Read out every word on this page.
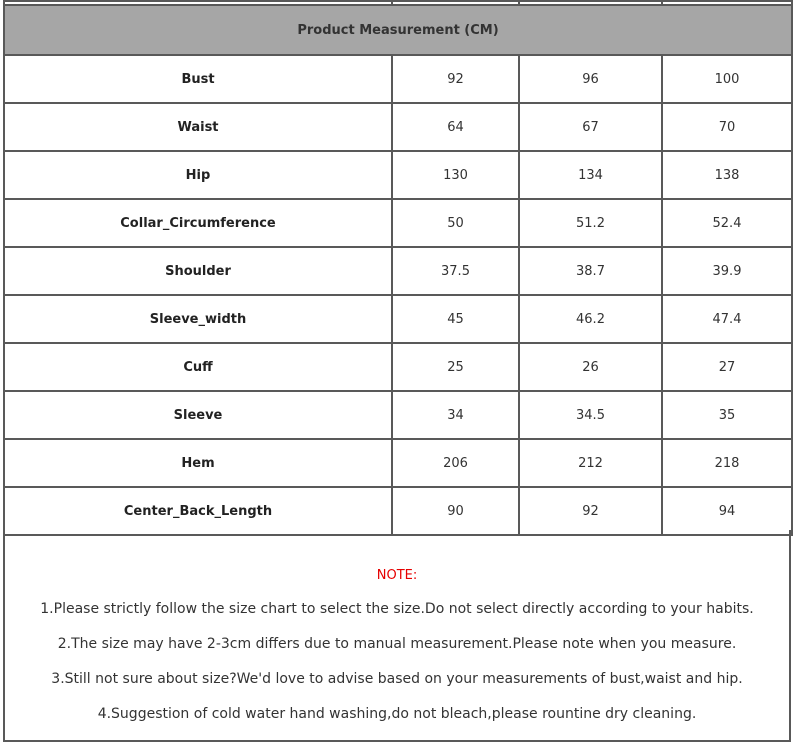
Product Measurement (CM)			
Bust	92	96	100
Waist	64	67	70
Hip	130	134	138
Collar_Circumference	50	51.2	52.4
Shoulder	37.5	38.7	39.9
Sleeve_width	45	46.2	47.4
Cuff	25	26	27
Sleeve	34	34.5	35
Hem	206	212	218
Center_Back_Length	90	92	94
NOTE:
1.Please strictly follow the size chart to select the size.Do not select directly according to your habits.
2.The size may have 2-3cm differs due to manual measurement.Please note when you measure.
3.Still not sure about size?We'd love to advise based on your measurements of bust,waist and hip.
4.Suggestion of cold water hand washing,do not bleach,please rountine dry cleaning.
